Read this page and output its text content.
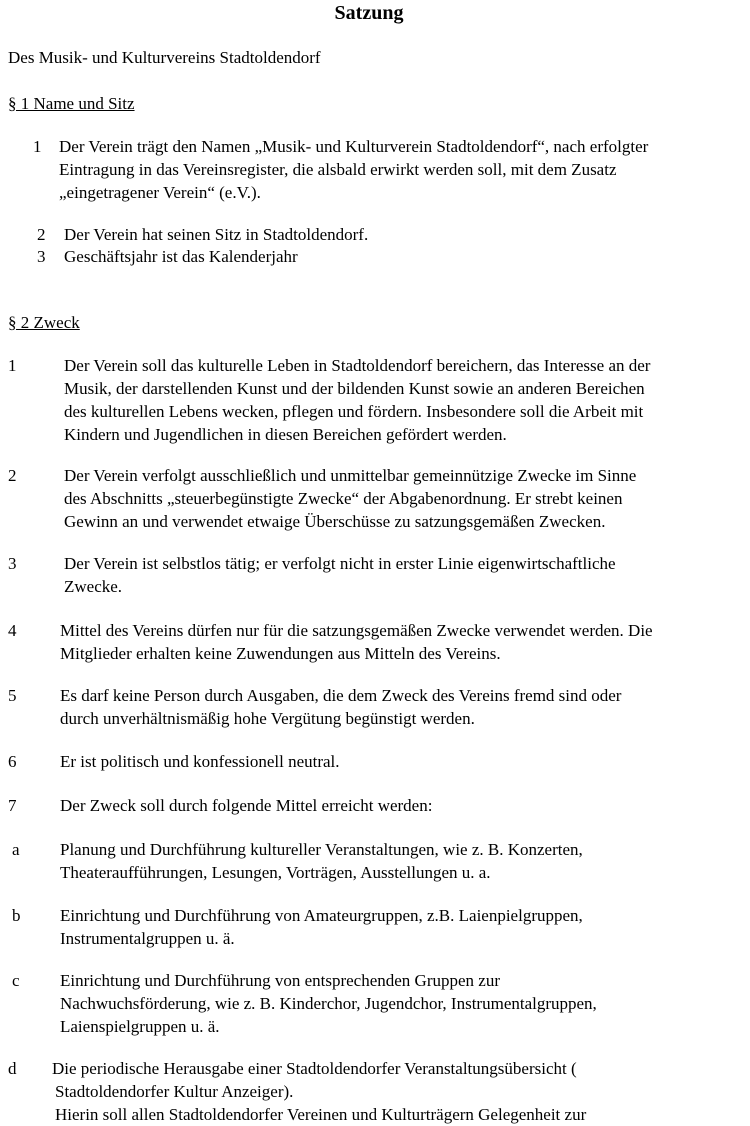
Satzung
Des Musik- und Kulturvereins Stadtoldendorf
§ 1 Name und Sitz
1 Der Verein trägt den Namen „Musik- und Kulturverein Stadtoldendorf“, nach erfolgter
Eintragung in das Vereinsregister, die alsbald erwirkt werden soll, mit dem Zusatz
„eingetragener Verein“ (e.V.).
2 Der Verein hat seinen Sitz in Stadtoldendorf.
3 Geschäftsjahr ist das Kalenderjahr
§ 2 Zweck
1	Der Verein soll das kulturelle Leben in Stadtoldendorf bereichern, das Interesse an der
Musik, der darstellenden Kunst und der bildenden Kunst sowie an anderen Bereichen
des kulturellen Lebens wecken, pflegen und fördern. Insbesondere soll die Arbeit mit
Kindern und Jugendlichen in diesen Bereichen gefördert werden.
2	Der Verein verfolgt ausschließlich und unmittelbar gemeinnützige Zwecke im Sinne
des Abschnitts „steuerbegünstigte Zwecke“ der Abgabenordnung. Er strebt keinen
Gewinn an und verwendet etwaige Überschüsse zu satzungsgemäßen Zwecken.
3	Der Verein ist selbstlos tätig; er verfolgt nicht in erster Linie eigenwirtschaftliche
Zwecke.
4	Mittel des Vereins dürfen nur für die satzungsgemäßen Zwecke verwendet werden. Die
Mitglieder erhalten keine Zuwendungen aus Mitteln des Vereins.
5	Es darf keine Person durch Ausgaben, die dem Zweck des Vereins fremd sind oder
durch unverhältnismäßig hohe Vergütung begünstigt werden.
6	Er ist politisch und konfessionell neutral.
7	Der Zweck soll durch folgende Mittel erreicht werden:
a Planung und Durchführung kultureller Veranstaltungen, wie z. B. Konzerten,
Theateraufführungen, Lesungen, Vorträgen, Ausstellungen u. a.
b Einrichtung und Durchführung von Amateurgruppen, z.B. Laienpielgruppen,
Instrumentalgruppen u. ä.
c Einrichtung und Durchführung von entsprechenden Gruppen zur
Nachwuchsförderung, wie z. B. Kinderchor, Jugendchor, Instrumentalgruppen,
Laienspielgruppen u. ä.
d Die periodische Herausgabe einer Stadtoldendorfer Veranstaltungsübersicht (
Stadtoldendorfer Kultur Anzeiger).
Hierin soll allen Stadtoldendorfer Vereinen und Kulturträgern Gelegenheit zur
